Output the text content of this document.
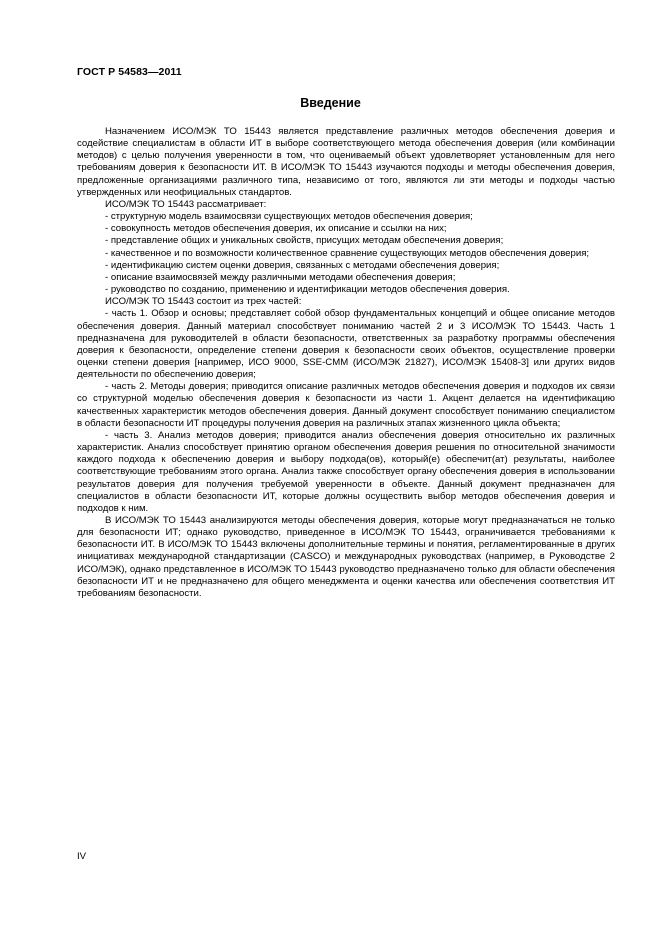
ГОСТ Р 54583—2011
Введение

Назначением ИСО/МЭК ТО 15443 является представление различных методов обеспечения доверия и содействие специалистам в области ИТ в выборе соответствующего метода обеспечения доверия (или комбинации методов) с целью получения уверенности в том, что оцениваемый объект удовлетворяет установленным для него требованиям доверия к безопасности ИТ. В ИСО/МЭК ТО 15443 изучаются подходы и методы обеспечения доверия, предложенные организациями различного типа, независимо от того, являются ли эти методы и подходы частью утвержденных или неофициальных стандартов.

ИСО/МЭК ТО 15443 рассматривает:

- структурную модель взаимосвязи существующих методов обеспечения доверия;

- совокупность методов обеспечения доверия, их описание и ссылки на них;

- представление общих и уникальных свойств, присущих методам обеспечения доверия;

- качественное и по возможности количественное сравнение существующих методов обеспечения доверия;

- идентификацию систем оценки доверия, связанных с методами обеспечения доверия;

- описание взаимосвязей между различными методами обеспечения доверия;

- руководство по созданию, применению и идентификации методов обеспечения доверия.

ИСО/МЭК ТО 15443 состоит из трех частей:

- часть 1. Обзор и основы; представляет собой обзор фундаментальных концепций и общее описание методов обеспечения доверия. Данный материал способствует пониманию частей 2 и 3 ИСО/МЭК ТО 15443. Часть 1 предназначена для руководителей в области безопасности, ответственных за разработку программы обеспечения доверия к безопасности, определение степени доверия к безопасности своих объектов, осуществление проверки оценки степени доверия [например, ИСО 9000, SSE-CMM (ИСО/МЭК 21827), ИСО/МЭК 15408-3] или других видов деятельности по обеспечению доверия;

- часть 2. Методы доверия; приводится описание различных методов обеспечения доверия и подходов их связи со структурной моделью обеспечения доверия к безопасности из части 1. Акцент делается на идентификацию качественных характеристик методов обеспечения доверия. Данный документ способствует пониманию специалистом в области безопасности ИТ процедуры получения доверия на различных этапах жизненного цикла объекта;

- часть 3. Анализ методов доверия; приводится анализ обеспечения доверия относительно их различных характеристик. Анализ способствует принятию органом обеспечения доверия решения по относительной значимости каждого подхода к обеспечению доверия и выбору подхода(ов), который(е) обеспечит(ат) результаты, наиболее соответствующие требованиям этого органа. Анализ также способствует органу обеспечения доверия в использовании результатов доверия для получения требуемой уверенности в объекте. Данный документ предназначен для специалистов в области безопасности ИТ, которые должны осуществить выбор методов обеспечения доверия и подходов к ним.

В ИСО/МЭК ТО 15443 анализируются методы обеспечения доверия, которые могут предназначаться не только для безопасности ИТ; однако руководство, приведенное в ИСО/МЭК ТО 15443, ограничивается требованиями к безопасности ИТ. В ИСО/МЭК ТО 15443 включены дополнительные термины и понятия, регламентированные в других инициативах международной стандартизации (CASCO) и международных руководствах (например, в Руководстве 2 ИСО/МЭК), однако представленное в ИСО/МЭК ТО 15443 руководство предназначено только для области обеспечения безопасности ИТ и не предназначено для общего менеджмента и оценки качества или обеспечения соответствия ИТ требованиям безопасности.

IV
